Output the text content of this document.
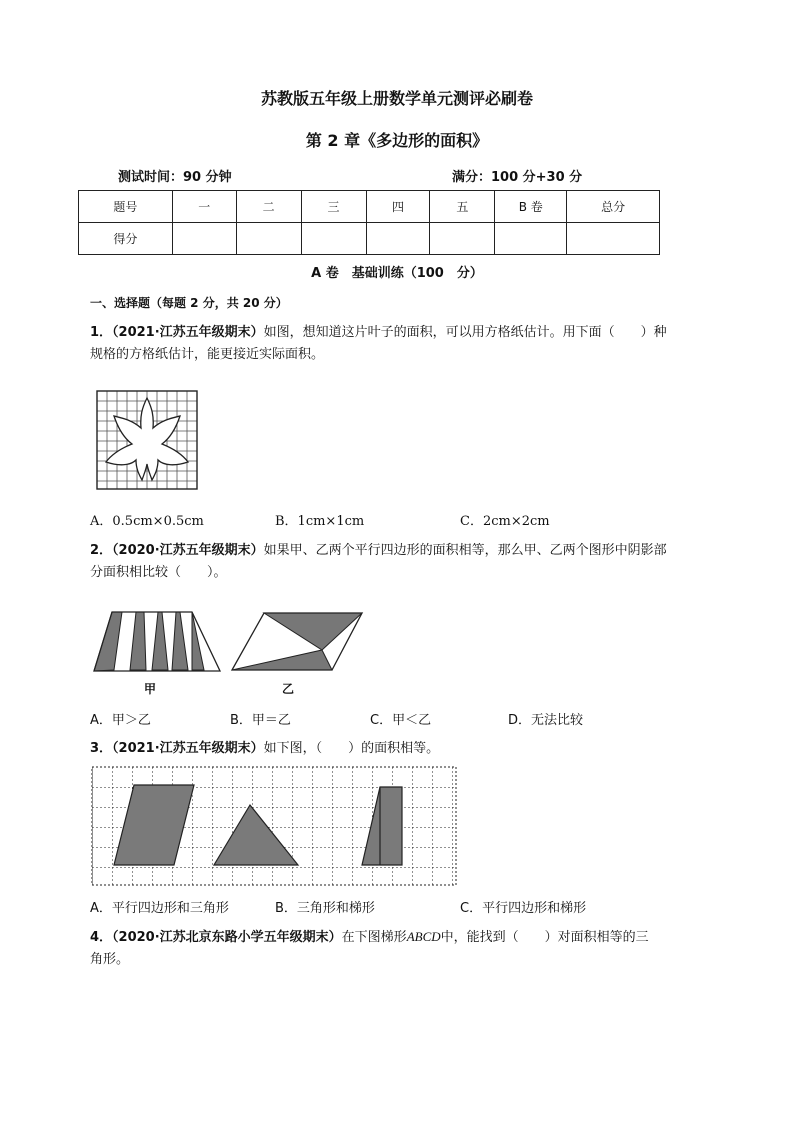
苏教版五年级上册数学单元测评必刷卷
第 2 章《多边形的面积》
测试时间：90 分钟	满分：100 分+30 分
题号	一	二	三	四	五	B 卷	总分
得分							
A 卷　基础训练（100　分）
一、选择题（每题 2 分，共 20 分）
1．（2021·江苏五年级期末）如图，想知道这片叶子的面积，可以用方格纸估计。用下面（　　）种
规格的方格纸估计，能更接近实际面积。
A．0.5cm×0.5cm	B．1cm×1cm	C．2cm×2cm
2．（2020·江苏五年级期末）如果甲、乙两个平行四边形的面积相等，那么甲、乙两个图形中阴影部
分面积相比较（　　）。
甲	乙
A．甲＞乙	B．甲＝乙	C．甲＜乙	D．无法比较
3．（2021·江苏五年级期末）如下图，（　　）的面积相等。
A．平行四边形和三角形	B．三角形和梯形	C．平行四边形和梯形
4．（2020·江苏北京东路小学五年级期末）在下图梯形ABCD中，能找到（　　）对面积相等的三
角形。
